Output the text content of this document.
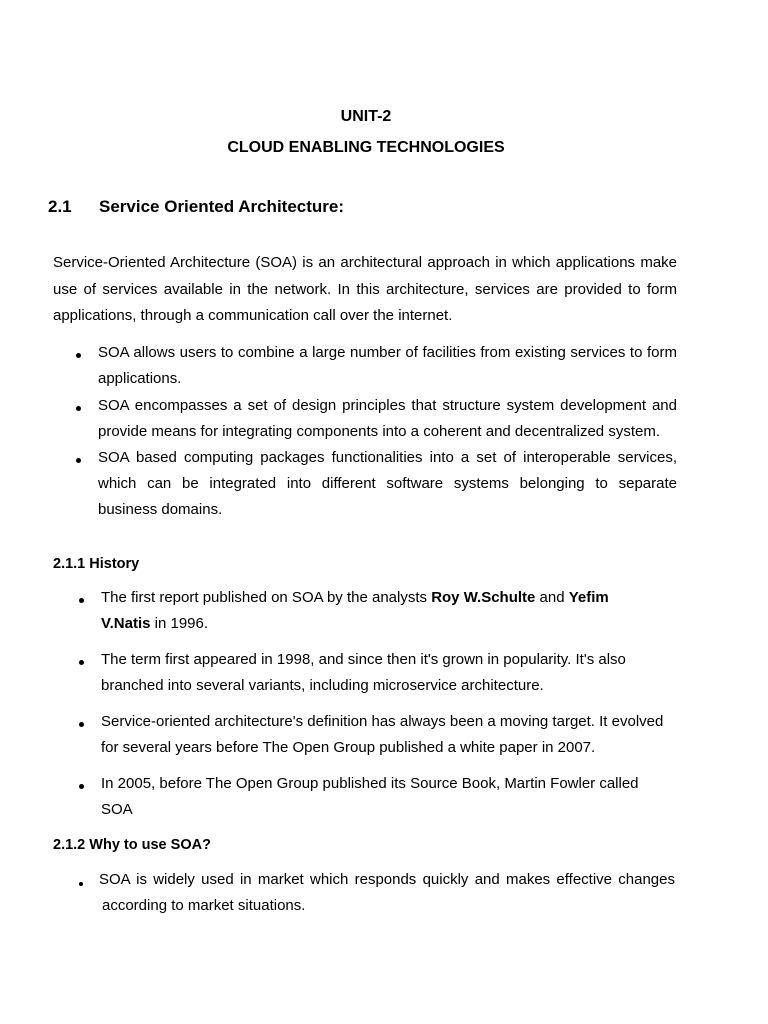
UNIT-2

CLOUD ENABLING TECHNOLOGIES

2.1 Service Oriented Architecture:
Service-Oriented Architecture (SOA) is an architectural approach in which applications make
use of services available in the network. In this architecture, services are provided to form
applications, through a communication call over the internet.
SOA allows users to combine a large number of facilities from existing services to form
applications.
SOA encompasses a set of design principles that structure system development and
provide means for integrating components into a coherent and decentralized system.
SOA based computing packages functionalities into a set of interoperable services,
which can be integrated into different software systems belonging to separate
business domains.

2.1.1 History

The first report published on SOA by the analysts Roy W.Schulte and Yefim
V.Natis in 1996.
The term first appeared in 1998, and since then it's grown in popularity. It's also
branched into several variants, including microservice architecture.
Service-oriented architecture's definition has always been a moving target. It evolved
for several years before The Open Group published a white paper in 2007.
In 2005, before The Open Group published its Source Book, Martin Fowler called
SOA

2.1.2 Why to use SOA?

SOA is widely used in market which responds quickly and makes effective changes
according to market situations.
